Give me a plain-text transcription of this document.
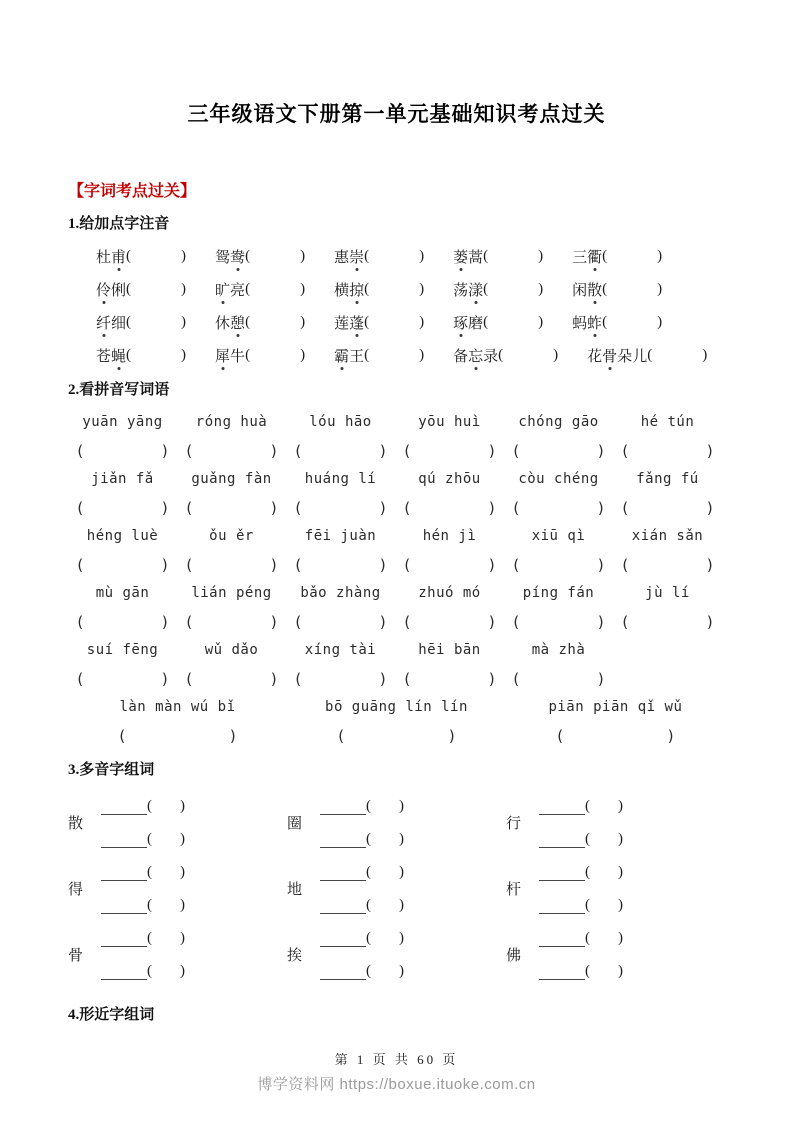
三年级语文下册第一单元基础知识考点过关
【字词考点过关】
1.给加点字注音
杜甫 (	) 鸳鸯 (	) 惠崇 (	) 蒌蒿 (	) 三衢 (	)
伶俐 (	) 旷亮 (	) 横掠 (	) 荡漾 (	) 闲散 (	)
纤细 (	) 休憩 (	) 莲蓬 (	) 琢磨 (	) 蚂蚱 (	)
苍蝇 (	) 犀牛 (	) 霸王 (	) 备忘录 (	) 花骨朵儿 (	)
2.看拼音写词语
yuān yāng	róng huà	lóu hāo	yōu huì	chóng gāo	hé tún
(	) (	) (	) (	) (	) (	)
jiǎn fǎ	guǎng fàn	huáng lí	qú zhōu	còu chéng	fǎng fú
(	) (	) (	) (	) (	) (	)
héng luè	ǒu ěr	fēi juàn	hén jì	xiū qì	xián sǎn
(	) (	) (	) (	) (	) (	)
mù gān	lián péng	bǎo zhàng	zhuó mó	píng fán	jù lí
(	) (	) (	) (	) (	) (	)
suí fēng	wǔ dǎo	xíng tài	hēi bān	mà zhà
(	) (	) (	) (	) (	)
làn màn wú bǐ	bō guāng lín lín	piān piān qǐ wǔ
(	)	(	)	(	)
3.多音字组词
散
( )
( )
圈
( )
( )
行
( )
( )
得
( )
( )
地
( )
( )
杆
( )
( )
骨
( )
( )
挨
( )
( )
佛
( )
( )
4.形近字组词
第 1 页 共 60 页
博学资料网 https://boxue.ituoke.com.cn
